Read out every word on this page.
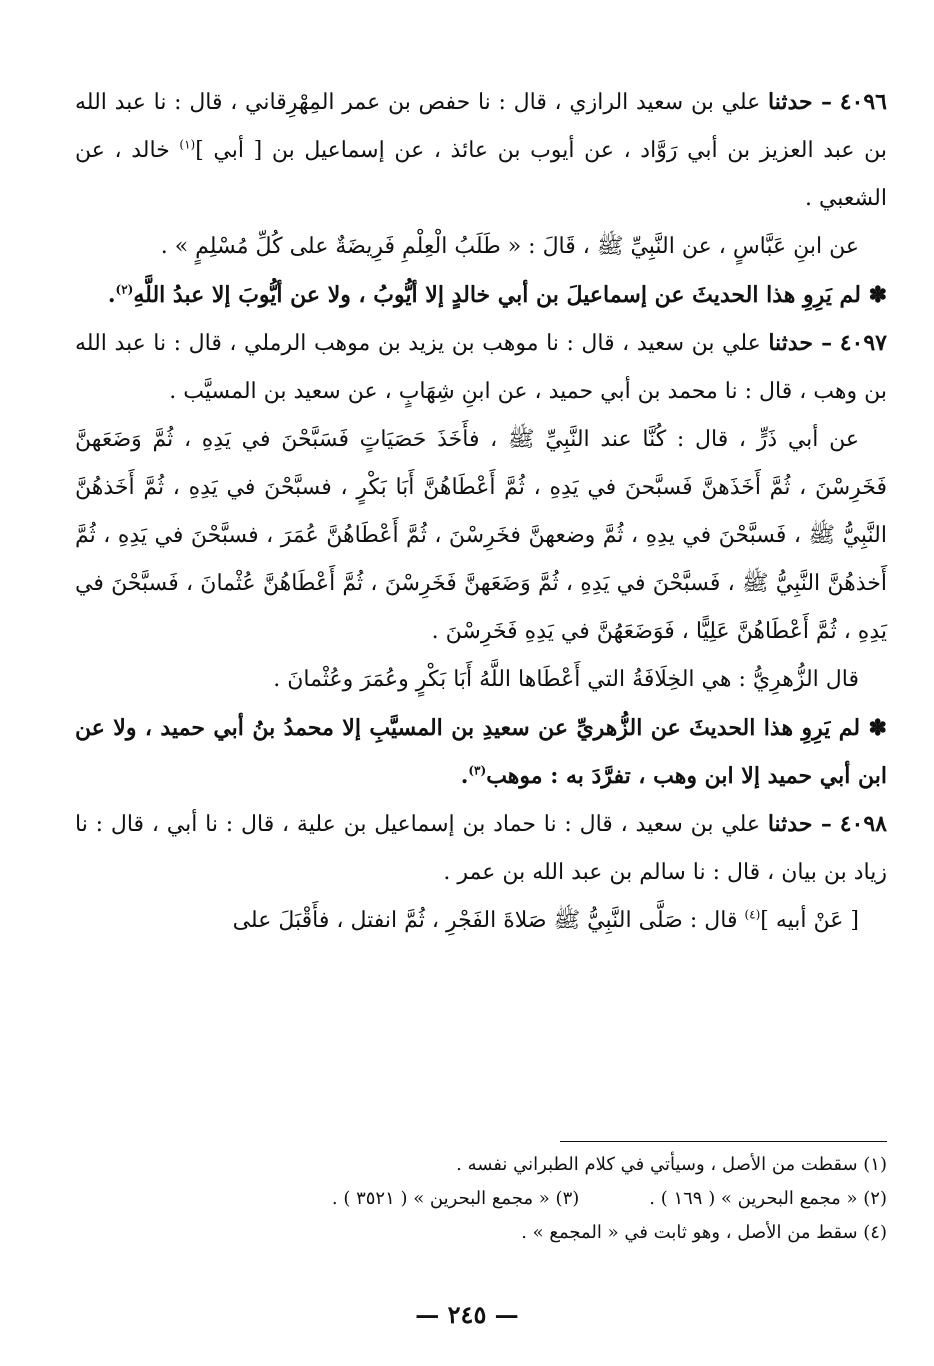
٤٠٩٦ – حدثنا علي بن سعيد الرازي ، قال : نا حفص بن عمر المِهْرِقاني ، قال : نا عبد الله بن عبد العزيز بن أبي رَوَّاد ، عن أيوب بن عائذ ، عن إسماعيل بن [ أبي ]$^{(١)}$ خالد ، عن الشعبي .

عن ابنِ عَبَّاسٍ ، عن النَّبِيِّ ﷺ ، قَالَ : « طَلَبُ الْعِلْمِ فَرِيضَةٌ على كُلِّ مُسْلِمٍ » .

✽ لم يَرِوِ هذا الحديثَ عن إسماعيلَ بن أبي خالدٍ إلا أيُّوبُ ، ولا عن أيُّوبَ إلا عبدُ اللَّهِ$^{(٢)}$.

٤٠٩٧ – حدثنا علي بن سعيد ، قال : نا موهب بن يزيد بن موهب الرملي ، قال : نا عبد الله بن وهب ، قال : نا محمد بن أبي حميد ، عن ابنِ شِهَابٍ ، عن سعيد بن المسيَّب .

عن أبي ذَرٍّ ، قال : كُنَّا عند النَّبِيِّ ﷺ ، فأَخَذَ حَصَيَاتٍ فَسَبَّحْنَ في يَدِهِ ، ثُمَّ وَضَعَهنَّ فَخَرِسْنَ ، ثُمَّ أَخَذَهنَّ فَسبَّحنَ في يَدِهِ ، ثُمَّ أَعْطَاهُنَّ أَبَا بَكْرٍ ، فسبَّحْنَ في يَدِهِ ، ثُمَّ أَخَذهُنَّ النَّبِيُّ ﷺ ، فَسبَّحْنَ في يدِهِ ، ثُمَّ وضعهنَّ فخَرِسْنَ ، ثُمَّ أَعْطَاهُنَّ عُمَرَ ، فسبَّحْنَ في يَدِهِ ، ثُمَّ أَخذهُنَّ النَّبِيُّ ﷺ ، فَسبَّحْنَ في يَدِهِ ، ثُمَّ وَضَعَهنَّ فَخَرِسْنَ ، ثُمَّ أَعْطَاهُنَّ عُثْمانَ ، فَسبَّحْنَ في يَدِهِ ، ثُمَّ أَعْطَاهُنَّ عَلِيًّا ، فَوَضَعَهُنَّ في يَدِهِ فَخَرِسْنَ .

قال الزُّهرِيُّ : هي الخِلَافَةُ التي أَعْطَاها اللَّهُ أَبَا بَكْرٍ وعُمَرَ وعُثْمانَ .

✽ لم يَرِوِ هذا الحديثَ عن الزُّهريِّ عن سعيدِ بن المسيَّبِ إلا محمدُ بنُ أبي حميد ، ولا عن ابن أبي حميد إلا ابن وهب ، تفرَّدَ به : موهب$^{(٣)}$.

٤٠٩٨ – حدثنا علي بن سعيد ، قال : نا حماد بن إسماعيل بن علية ، قال : نا أبي ، قال : نا زياد بن بيان ، قال : نا سالم بن عبد الله بن عمر .

[ عَنْ أبيه ]$^{(٤)}$ قال : صَلَّى النَّبِيُّ ﷺ صَلاةَ الفَجْرِ ، ثُمَّ انفتل ، فأَقْبَلَ على

(١) سقطت من الأصل ، وسيأتي في كلام الطبراني نفسه .

(٢) « مجمع البحرين » ( ١٦٩ ) .(٣) « مجمع البحرين » ( ٣٥٢١ ) .

(٤) سقط من الأصل ، وهو ثابت في « المجمع » .

— ٢٤٥ —
